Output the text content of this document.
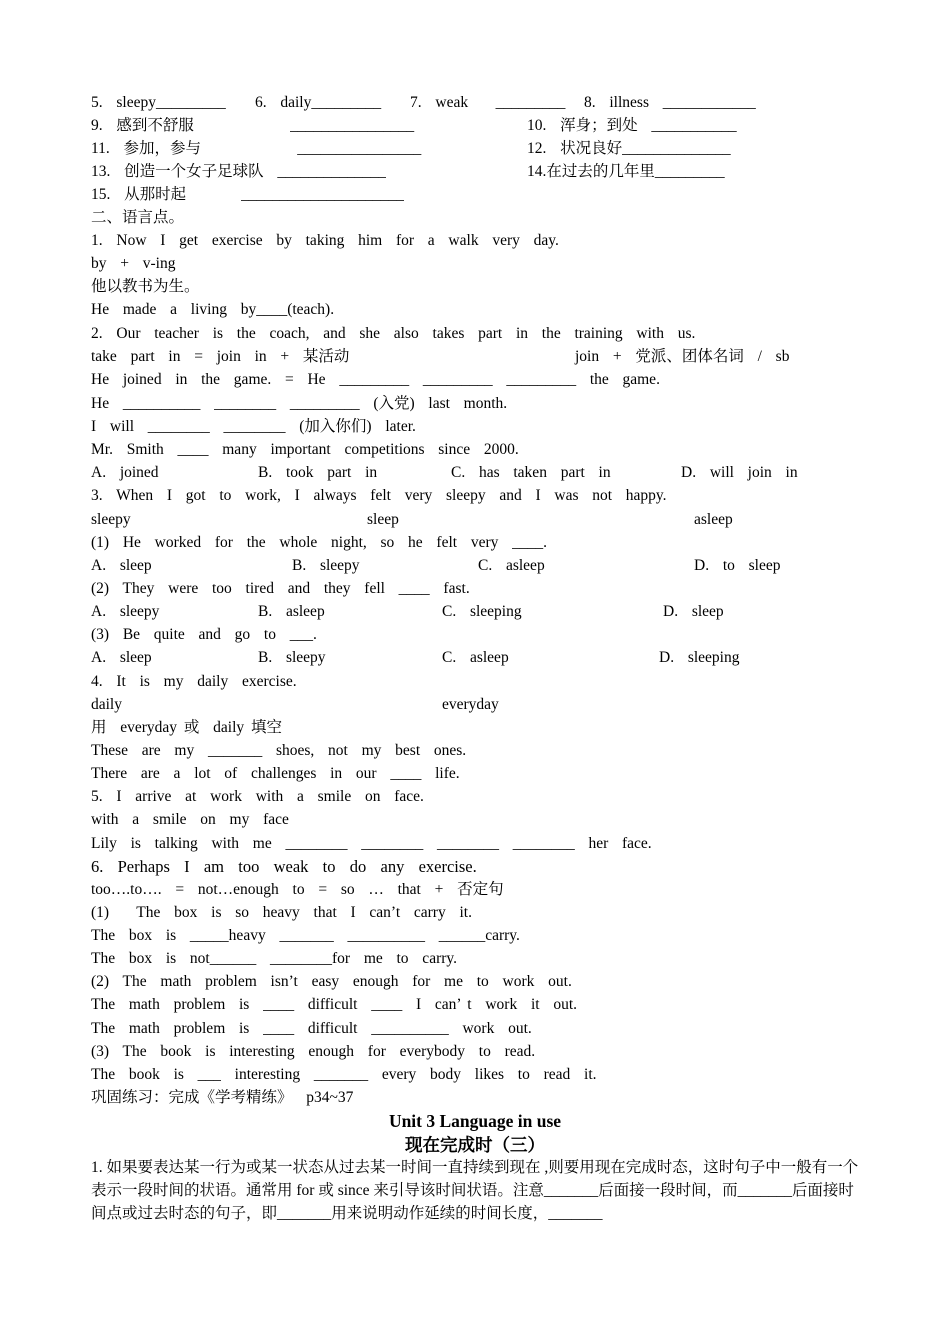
5.  sleepy_________ 6.  daily_________ 7.  weak    _________ 8.  illness  ____________
9.  感到不舒服              ________________	10.  浑身；到处  ___________
11.  参加，参与              ________________	12.  状况良好______________
13.  创造一个女子足球队  ______________	14.在过去的几年里_________
15.  从那时起        _____________________
二、语言点。
1.  Now  I  get  exercise  by  taking  him  for  a  walk  very  day.
by  +  v-ing
他以教书为生。
He  made  a  living  by____(teach).
2.  Our  teacher  is  the  coach,  and  she  also  takes  part  in  the  training  with  us.
take  part  in  =  join  in  +  某活动	join  +  党派、团体名词  /  sb
He  joined  in  the  game.  =  He  _________  _________  _________  the  game.
He  __________  ________  _________  (入党)  last  month.
I  will  ________  ________  (加入你们)  later.
Mr.  Smith  ____  many  important  competitions  since  2000.
A.  joined	B.  took  part  in	C.  has  taken  part  in	D.  will  join  in
3.  When  I  got  to  work,  I  always  felt  very  sleepy  and  I  was  not  happy.
sleepy	sleep	asleep
(1)  He  worked  for  the  whole  night,  so  he  felt  very  ____.
A.  sleep	B.  sleepy	C.  asleep	D.  to  sleep
(2)  They  were  too  tired  and  they  fell  ____  fast.
A.  sleepy	B.  asleep	C.  sleeping	D.  sleep
(3)  Be  quite  and  go  to  ___.
A.  sleep	B.  sleepy	C.  asleep	D.  sleeping
4.  It  is  my  daily  exercise.
daily	everyday
用  everyday 或  daily 填空
These  are  my  _______  shoes,  not  my  best  ones.
There  are  a  lot  of  challenges  in  our  ____  life.
5.  I  arrive  at  work  with  a  smile  on  face.
with  a  smile  on  my  face
Lily  is  talking  with  me  ________  ________  ________  ________  her  face.
6.  Perhaps  I  am  too  weak  to  do  any  exercise.
too….to….  =  not…enough  to  =  so  …  that  +  否定句
(1)    The  box  is  so  heavy  that  I  can’t  carry  it.
The  box  is  _____heavy  _______  __________  ______carry.
The  box  is  not______  ________for  me  to  carry.
(2)  The  math  problem  isn’t  easy  enough  for  me  to  work  out.
The  math  problem  is  ____  difficult  ____  I  can’ t  work  it  out.
The  math  problem  is  ____  difficult  __________  work  out.
(3)  The  book  is  interesting  enough  for  everybody  to  read.
The  book  is  ___  interesting  _______  every  body  likes  to  read  it.
巩固练习：完成《学考精练》  p34~37
Unit 3 Language in use
现在完成时（三）
1. 如果要表达某一行为或某一状态从过去某一时间一直持续到现在 ,则要用现在完成时态，这时句子中一般有一个表示一段时间的状语。通常用 for 或 since 来引导该时间状语。注意_______后面接一段时间，而_______后面接时间点或过去时态的句子，即_______用来说明动作延续的时间长度，_______
